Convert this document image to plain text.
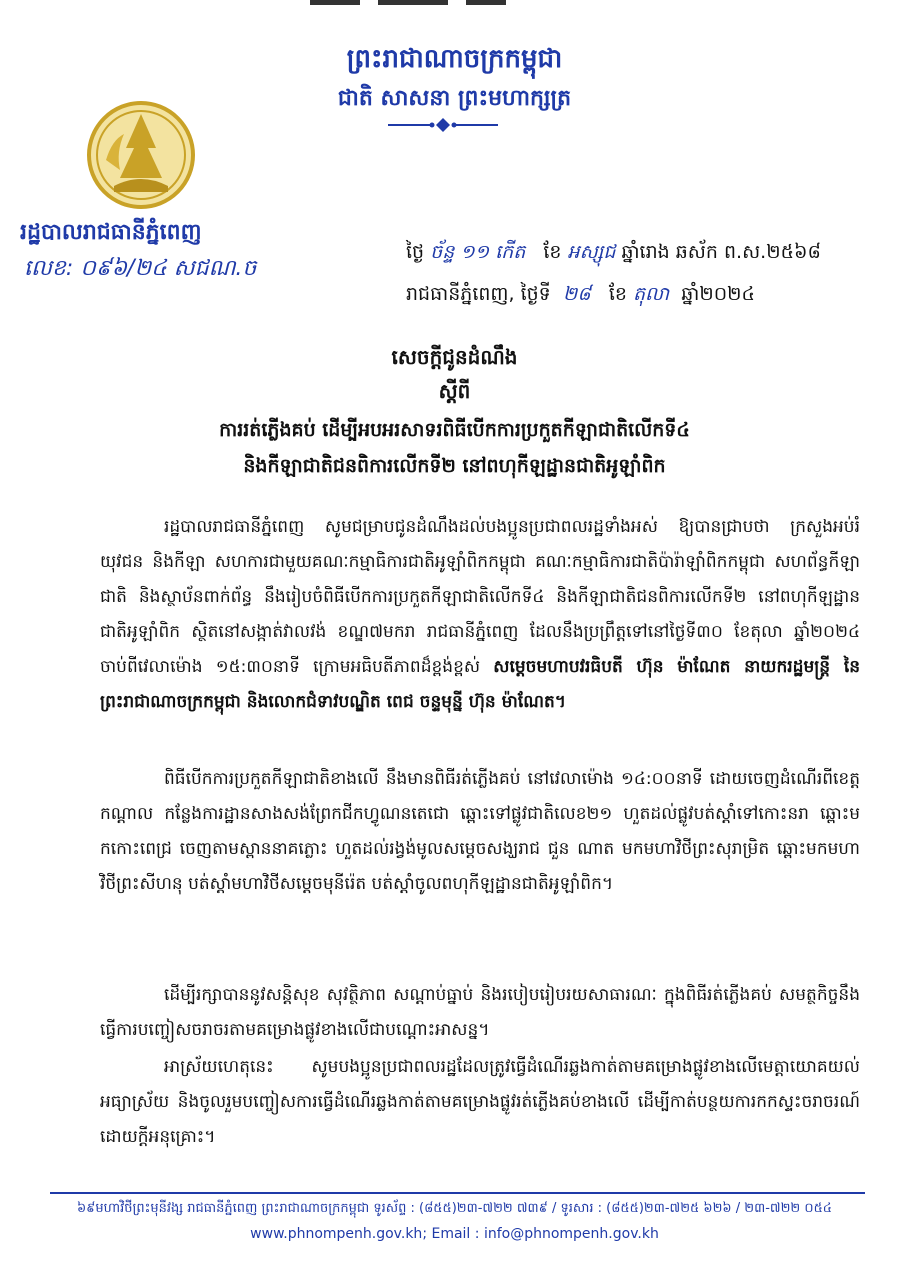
ព្រះរាជាណាចក្រកម្ពុជា
ជាតិ សាសនា ព្រះមហាក្សត្រ
រដ្ឋបាលរាជធានីភ្នំពេញ
លេខ: ០៩៦/២៤ សជណ.ច
ថ្ងៃ ច័ន្ទ ១១ កើត ខែ អស្សុជ ឆ្នាំរោង ឆស័ក ព.ស.២៥៦៨
រាជធានីភ្នំពេញ, ថ្ងៃទី ២៨ ខែ តុលា ឆ្នាំ២០២៤
សេចក្តីជូនដំណឹង
ស្តីពី
ការរត់ភ្លើងគប់ ដើម្បីអបអរសាទរពិធីបើកការប្រកួតកីឡាជាតិលើកទី៤
និងកីឡាជាតិជនពិការលើកទី២ នៅពហុកីឡដ្ឋានជាតិអូឡាំពិក
រដ្ឋបាលរាជធានីភ្នំពេញ សូមជម្រាបជូនដំណឹងដល់បងប្អូនប្រជាពលរដ្ឋទាំងអស់ ឱ្យបានជ្រាបថា ក្រសួងអប់រំ យុវជន និងកីឡា សហការជាមួយគណៈកម្មាធិការជាតិអូឡាំពិកកម្ពុជា គណៈកម្មាធិការជាតិប៉ារ៉ាឡាំពិកកម្ពុជា សហព័ន្ធកីឡាជាតិ និងស្ថាប័នពាក់ព័ន្ធ នឹងរៀបចំពិធីបើកការប្រកួតកីឡាជាតិលើកទី៤ និងកីឡាជាតិជនពិការលើកទី២ នៅពហុកីឡដ្ឋានជាតិអូឡាំពិក ស្ថិតនៅសង្កាត់វាលវង់ ខណ្ឌ៧មករា រាជធានីភ្នំពេញ ដែលនឹងប្រព្រឹត្តទៅនៅថ្ងៃទី៣០ ខែតុលា ឆ្នាំ២០២៤ ចាប់ពីវេលាម៉ោង ១៥:៣០នាទី ក្រោមអធិបតីភាពដ៏ខ្ពង់ខ្ពស់ សម្តេចមហាបវរធិបតី ហ៊ុន ម៉ាណែត នាយករដ្ឋមន្ត្រី នៃព្រះរាជាណាចក្រកម្ពុជា និងលោកជំទាវបណ្ឌិត ពេជ ចន្ទមុន្នី ហ៊ុន ម៉ាណែត។
ពិធីបើកការប្រកួតកីឡាជាតិខាងលើ នឹងមានពិធីរត់ភ្លើងគប់ នៅវេលាម៉ោង ១៤:០០នាទី ដោយចេញដំណើរពីខេត្តកណ្តាល កន្លែងការដ្ឋានសាងសង់ព្រែកជីកហ្វូណនតេជោ ឆ្ពោះទៅផ្លូវជាតិលេខ២១ ហួតដល់ផ្លូវបត់ស្តាំទៅកោះនរា ឆ្ពោះមកកោះពេជ្រ ចេញតាមស្ពាននាគភ្លោះ ហួតដល់រង្វង់មូលសម្តេចសង្ឃរាជ ជួន ណាត មកមហាវិថីព្រះសុរាម្រិត ឆ្ពោះមកមហាវិថីព្រះសីហនុ បត់ស្តាំមហាវិថីសម្តេចមុនីរ៉េត បត់ស្តាំចូលពហុកីឡដ្ឋានជាតិអូឡាំពិក។
ដើម្បីរក្សាបាននូវសន្តិសុខ សុវត្ថិភាព សណ្តាប់ធ្នាប់ និងរបៀបរៀបរយសាធារណៈ ក្នុងពិធីរត់ភ្លើងគប់ សមត្ថកិច្ចនឹងធ្វើការបញ្ចៀសចរាចរតាមគម្រោងផ្លូវខាងលើជាបណ្តោះអាសន្ន។
អាស្រ័យហេតុនេះ សូមបងប្អូនប្រជាពលរដ្ឋដែលត្រូវធ្វើដំណើរឆ្លងកាត់តាមគម្រោងផ្លូវខាងលើមេត្តាយោគយល់ អធ្យាស្រ័យ និងចូលរួមបញ្ចៀសការធ្វើដំណើរឆ្លងកាត់តាមគម្រោងផ្លូវរត់ភ្លើងគប់ខាងលើ ដើម្បីកាត់បន្ថយការកកស្ទះចរាចរណ៍ដោយក្តីអនុគ្រោះ។
៦៩មហាវិថីព្រះមុនីវង្ស រាជធានីភ្នំពេញ ព្រះរាជាណាចក្រកម្ពុជា ទូរស័ព្ទ : (៨៥៥)២៣-៧២២ ៧៣៩ / ទូរសារ : (៨៥៥)២៣-៧២៥ ៦២៦ / ២៣-៧២២ ០៥៤
www.phnompenh.gov.kh; Email : info@phnompenh.gov.kh
